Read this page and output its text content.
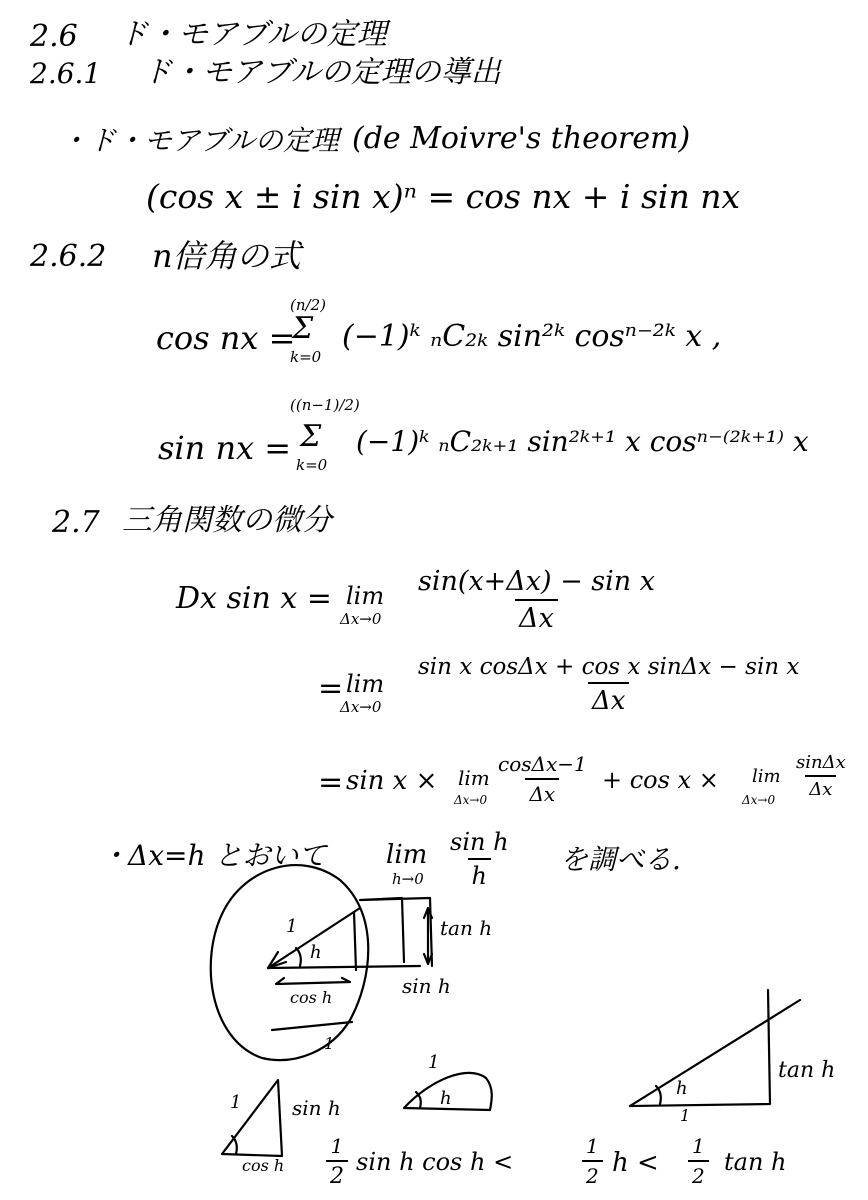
2.6 ド・モアブルの定理
2.6.1 ド・モアブルの定理の導出
・ド・モアブルの定理 (de Moivre's theorem)
(cos x ± i sin x)ⁿ = cos nx + i sin nx
2.6.2 n倍角の式
cos nx =
(n/2)
Σ
k=0
(−1)ᵏ ₙC₂ₖ sin²ᵏ cosⁿ⁻²ᵏ x ,
sin nx =
((n−1)/2)
Σ
k=0
(−1)ᵏ ₙC₂ₖ₊₁ sin²ᵏ⁺¹ x cosⁿ⁻⁽²ᵏ⁺¹⁾ x
2.7 三角関数の微分
Dx sin x = lim
$\Delta x\to 0 \frac{\text{sin(x+Δx) − sin x}}{\Delta x}$
= lim
$\Delta x\to 0 \frac{\text{sin x cosΔx + cos x sinΔx − sin x}}{\Delta x}$
= sin x × lim
$\Delta x\to 0 \frac{\cos\Delta x-1}{\Delta x} + \cos x \times \lim$
$\Delta x\to 0 \frac{\sin\Delta x}{\Delta x}$
・Δx=h とおいて lim
$h\to 0 \frac{\text{sin h}}{h}$ を調べる.
1
h
tan h
sin h
cos h
1
1	sin h
cos h
1
h
tan h
h
1
$\frac{1}{2}$ sin h cos h <	$\frac{1}{2}$ $h < \frac{1}{2}$ tan h
